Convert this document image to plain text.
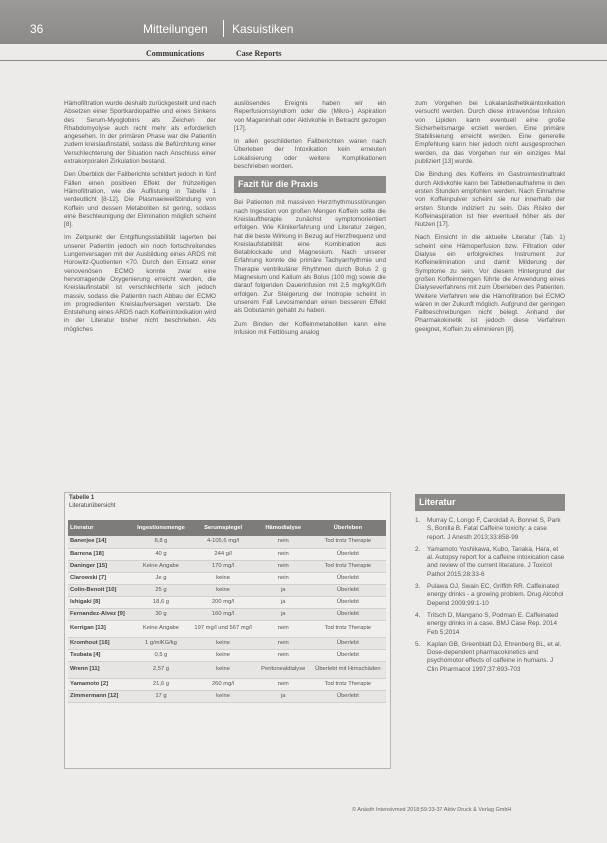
36	Mitteilungen Kasuistiken
Communications	Case Reports

Hämofiltration wurde deshalb zurückgestellt und nach Absetzen einer Sportkardiopathie und eines Sinkens des Serum-Myoglobins als Zeichen der Rhabdomyolyse auch nicht mehr als erforderlich angesehen. In der primären Phase war die Patientin zudem kreislaufinstabil, sodass die Befürchtung einer Verschlechterung der Situation nach Anschluss einer extrakorporalen Zirkulation bestand.

Den Überblick der Fallberichte schildert jedoch in fünf Fällen einen positiven Effekt der frühzeitigen Hämofiltration, wie die Auflistung in Tabelle 1 verdeutlicht [8-12]. Die Plasmaeiweißbindung von Koffein und dessen Metaboliten ist gering, sodass eine Beschleunigung der Elimination möglich scheint [8].

Im Zeitpunkt der Entgiftungsstabilität lagerten bei unserer Patientin jedoch ein noch fortschreitendes Lungenversagen mit der Ausbildung eines ARDS mit Horowitz-Quotienten <70. Durch den Einsatz einer venovenösen ECMO konnte zwar eine hervorragende Oxygenierung erreicht werden, die Kreislaufinstabil ist verschlechterte sich jedoch massiv, sodass die Patientin nach Abbau der ECMO im progredienten Kreislaufversagen verstarb. Die Entstehung eines ARDS nach Koffeinintoxikation wird in der Literatur bisher nicht beschrieben. Als mögliches

auslösendes Ereignis haben wir ein Reperfusionssyndrom oder die (Mikro-) Aspiration von Mageninhalt oder Aktivkohle in Betracht gezogen [17].

In allen geschilderten Fallberichten waren nach Überleben der Intoxikation kein erneuten Lokalisierung oder weitere Komplikationen beschrieben worden.

Fazit für die Praxis

Bei Patienten mit massiven Herzrhythmusstörungen nach Ingestion von großen Mengen Koffein sollte die Kreislauftherapie zunächst symptomorientiert erfolgen. Wie Klinikerfahrung und Literatur zeigen, hat die beste Wirkung in Bezug auf Herzfrequenz und Kreislaufstabilität eine Kombination aus Betablockade und Magnesium. Nach unserer Erfahrung konnte die primäre Tachyarrhythmie und Therapie ventrikulärer Rhythmen durch Bolus 2 g Magnesium und Kalium als Bolus (100 mg) sowie die darauf folgenden Dauerinfusion mit 2,5 mg/kg/KG/h erfolgen. Zur Steigerung der Inotropie scheint in unserem Fall Levosimendan einen besseren Effekt als Dobutamin gehabt zu haben.

Zum Binden der Koffeinmetaboliten kann eine Infusion mit Fettlösung analog

zum Vorgehen bei Lokalanästhetikaintoxikation versucht werden. Durch diese intravenöse Infusion von Lipiden kann eventuell eine große Sicherheitsmarge erzielt werden. Eine primäre Stabilisierung erreicht werden. Eine generelle Empfehlung kann hier jedoch nicht ausgesprochen werden, da das Vorgehen nur ein einziges Mal publiziert [13] wurde.

Die Bindung des Koffeins im Gastrointestinaltrakt durch Aktivkohle kann bei Tablettenaufnahme in den ersten Stunden empfohlen werden. Nach Einnahme von Koffeinpulver scheint sie nur innerhalb der ersten Stunde indiziert zu sein. Das Risiko der Koffeinaspiration ist hier eventuell höher als der Nutzen [17].

Nach Einsicht in die aktuelle Literatur (Tab. 1) scheint eine Hämoperfusion bzw. Filtration oder Dialyse ein erfolgreiches Instrument zur Koffeinelimination und damit Milderung der Symptome zu sein. Vor diesem Hintergrund der großen Koffeinmengen führte die Anwendung eines Dialyseverfahrens mit zum Überleben des Patienten. Weitere Verfahren wie die Hämofiltration bei ECMO wären in der Zukunft möglich. Aufgrund der geringen Fallbeschreibungen nicht belegt. Anhand der Pharmakokinetik ist jedoch diese Verfahren geeignet, Koffein zu eliminieren [8].

Literatur
1. Murray C, Longo F, Caroldall A, Bonnet S, Park S, Bonilla B. Fatal Caffeine toxicity: a case report. J Anesth 2013;33:858-99
2. Yamamoto Yoshikawa, Kubo, Tanaka, Hara, et al. Autopsy report for a caffeine intoxication case and review of the current literature. J Toxicol Pathol 2015;28:33-6
3. Pulawa OJ, Swain EC, Griffith RR. Caffeinated energy drinks - a growing problem. Drug Alcohol Depend 2009;99:1-10
4. Tritsch D, Mangano S, Podman E. Caffeinated energy drinks in a case. BMJ Case Rep. 2014 Feb 5;2014
5. Kaplan GB, Greenblatt DJ, Ehrenberg BL, et al. Dose-dependent pharmacokinetics and psychomotor effects of caffeine in humans. J Clin Pharmacol 1997;37:693-703
Tabelle 1
Literaturübersicht
Literatur	Ingestionsmenge	Serumspiegel	Hämodialyse	Überleben
Banerjee [14]	8,8 g	4-105,6 mg/l	nein	Tod trotz Therapie
Barrena [18]	40 g	244 g/l	nein	Überlebt
Daninger [15]	Keine Angabe	170 mg/l	nein	Tod trotz Therapie
Clarowski [7]	Je g	keine	nein	Überlebt
Colin-Benoit [10]	25 g	keine	ja	Überlebt
Ishigaki [8]	18,6 g	200 mg/l	ja	Überlebt
Fernandez-Alvez [9]	30 g	160 mg/l	ja	Überlebt
Kerrigan [13]	Keine Angabe	197 mg/l und 567 mg/l	nein	Tod trotz Therapie
Kromhout [16]	1 g/mlKG/kg	keine	nein	Überlebt
Tsubata [4]	0,5 g	keine	nein	Überlebt
Wrenn [11]	2,57 g	keine	Peritonealdialyse	Überlebt mit Hirnschäden
Yamamoto [2]	21,6 g	260 mg/l	nein	Tod trotz Therapie
Zimmermann [12]	17 g	keine	ja	Überlebt
© Anästh Intensivmed 2018;59:33-37 Aktiv Druck & Verlag GmbH
